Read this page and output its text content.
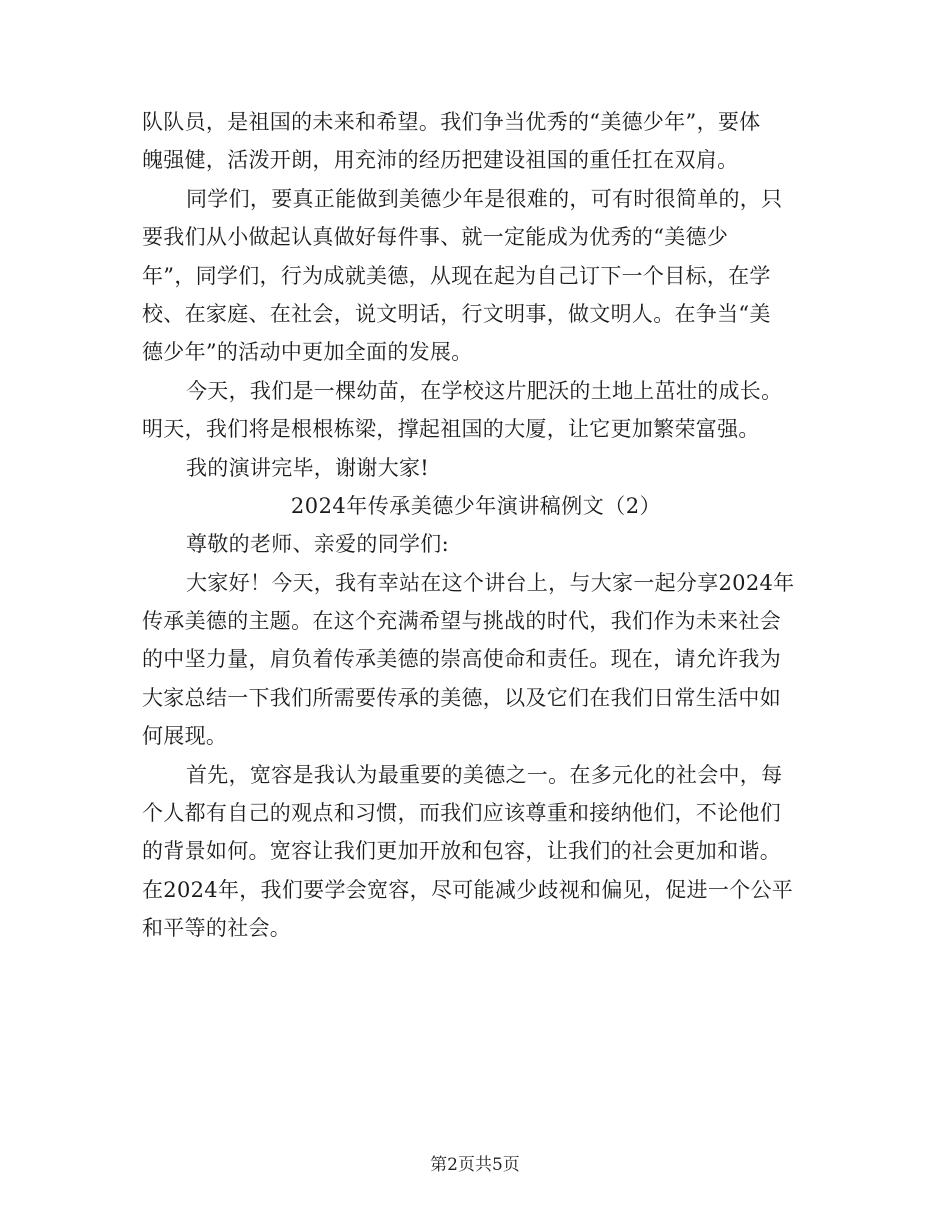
队队员，是祖国的未来和希望。我们争当优秀的“美德少年”，要体
魄强健，活泼开朗，用充沛的经历把建设祖国的重任扛在双肩。
同学们，要真正能做到美德少年是很难的，可有时很简单的，只
要我们从小做起认真做好每件事、就一定能成为优秀的“美德少
年”，同学们，行为成就美德，从现在起为自己订下一个目标，在学
校、在家庭、在社会，说文明话，行文明事，做文明人。在争当“美
德少年”的活动中更加全面的发展。
今天，我们是一棵幼苗，在学校这片肥沃的土地上茁壮的成长。
明天，我们将是根根栋梁，撑起祖国的大厦，让它更加繁荣富强。
我的演讲完毕，谢谢大家!
2024年传承美德少年演讲稿例文（2）
尊敬的老师、亲爱的同学们:
大家好！今天，我有幸站在这个讲台上，与大家一起分享2024年
传承美德的主题。在这个充满希望与挑战的时代，我们作为未来社会
的中坚力量，肩负着传承美德的崇高使命和责任。现在，请允许我为
大家总结一下我们所需要传承的美德，以及它们在我们日常生活中如
何展现。
首先，宽容是我认为最重要的美德之一。在多元化的社会中，每
个人都有自己的观点和习惯，而我们应该尊重和接纳他们，不论他们
的背景如何。宽容让我们更加开放和包容，让我们的社会更加和谐。
在2024年，我们要学会宽容，尽可能减少歧视和偏见，促进一个公平
和平等的社会。
第2页共5页
